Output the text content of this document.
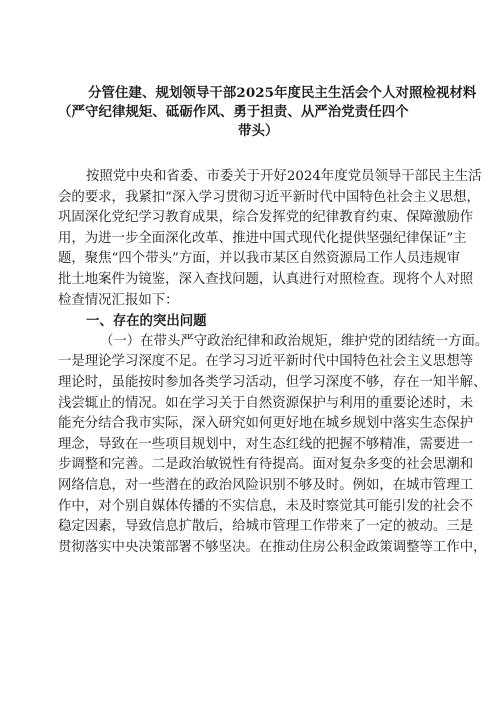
分管住建、规划领导干部2025年度民主生活会个人对照检视材料
（严守纪律规矩、砥砺作风、勇于担责、从严治党责任四个
带头）

按照党中央和省委、市委关于开好2024年度党员领导干部民主生活
会的要求，我紧扣“深入学习贯彻习近平新时代中国特色社会主义思想，
巩固深化党纪学习教育成果，综合发挥党的纪律教育约束、保障激励作
用，为进一步全面深化改革、推进中国式现代化提供坚强纪律保证”主
题，聚焦“四个带头”方面，并以我市某区自然资源局工作人员违规审
批土地案件为镜鉴，深入查找问题，认真进行对照检查。现将个人对照
检查情况汇报如下：

一、存在的突出问题

（一）在带头严守政治纪律和政治规矩，维护党的团结统一方面。
一是理论学习深度不足。在学习习近平新时代中国特色社会主义思想等
理论时，虽能按时参加各类学习活动，但学习深度不够，存在一知半解、
浅尝辄止的情况。如在学习关于自然资源保护与利用的重要论述时，未
能充分结合我市实际，深入研究如何更好地在城乡规划中落实生态保护
理念，导致在一些项目规划中，对生态红线的把握不够精准，需要进一
步调整和完善。二是政治敏锐性有待提高。面对复杂多变的社会思潮和
网络信息，对一些潜在的政治风险识别不够及时。例如，在城市管理工
作中，对个别自媒体传播的不实信息，未及时察觉其可能引发的社会不
稳定因素，导致信息扩散后，给城市管理工作带来了一定的被动。三是
贯彻落实中央决策部署不够坚决。在推动住房公积金政策调整等工作中，
